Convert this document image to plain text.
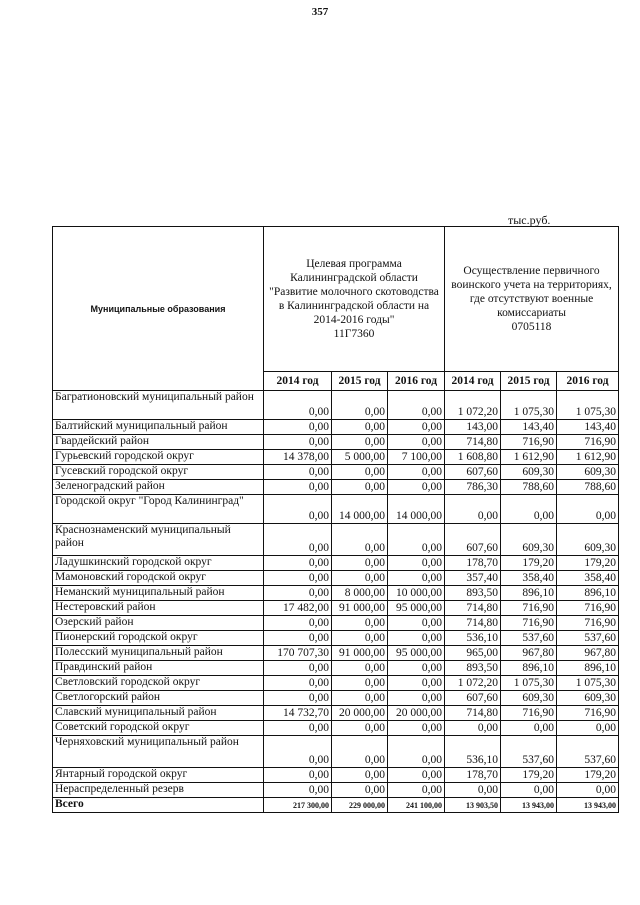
357
тыс.руб.
Муниципальные образования	Целевая программа Калининградской области "Развитие молочного скотоводства в Калининградской области на 2014-2016 годы"
11Г7360			Осуществление первичного воинского учета на территориях, где отсутствуют военные комиссариаты
0705118		

	2014 год	2015 год	2016 год	2014 год	2015 год	2016 год
Багратионовский муниципальный район	0,00	0,00	0,00	1 072,20	1 075,30	1 075,30
Балтийский муниципальный район	0,00	0,00	0,00	143,00	143,40	143,40
Гвардейский район	0,00	0,00	0,00	714,80	716,90	716,90
Гурьевский городской округ	14 378,00	5 000,00	7 100,00	1 608,80	1 612,90	1 612,90
Гусевский городской округ	0,00	0,00	0,00	607,60	609,30	609,30
Зеленоградский район	0,00	0,00	0,00	786,30	788,60	788,60
Городской округ "Город Калининград"	0,00	14 000,00	14 000,00	0,00	0,00	0,00
Краснознаменский муниципальный район	0,00	0,00	0,00	607,60	609,30	609,30
Ладушкинский городской округ	0,00	0,00	0,00	178,70	179,20	179,20
Мамоновский городской округ	0,00	0,00	0,00	357,40	358,40	358,40
Неманский муниципальный район	0,00	8 000,00	10 000,00	893,50	896,10	896,10
Нестеровский район	17 482,00	91 000,00	95 000,00	714,80	716,90	716,90
Озерский район	0,00	0,00	0,00	714,80	716,90	716,90
Пионерский городской округ	0,00	0,00	0,00	536,10	537,60	537,60
Полесский муниципальный район	170 707,30	91 000,00	95 000,00	965,00	967,80	967,80
Правдинский район	0,00	0,00	0,00	893,50	896,10	896,10
Светловский городской округ	0,00	0,00	0,00	1 072,20	1 075,30	1 075,30
Светлогорский район	0,00	0,00	0,00	607,60	609,30	609,30
Славский муниципальный район	14 732,70	20 000,00	20 000,00	714,80	716,90	716,90
Советский городской округ	0,00	0,00	0,00	0,00	0,00	0,00
Черняховский муниципальный район	0,00	0,00	0,00	536,10	537,60	537,60
Янтарный городской округ	0,00	0,00	0,00	178,70	179,20	179,20
Нераспределенный резерв	0,00	0,00	0,00	0,00	0,00	0,00
Всего	217 300,00	229 000,00	241 100,00	13 903,50	13 943,00	13 943,00
